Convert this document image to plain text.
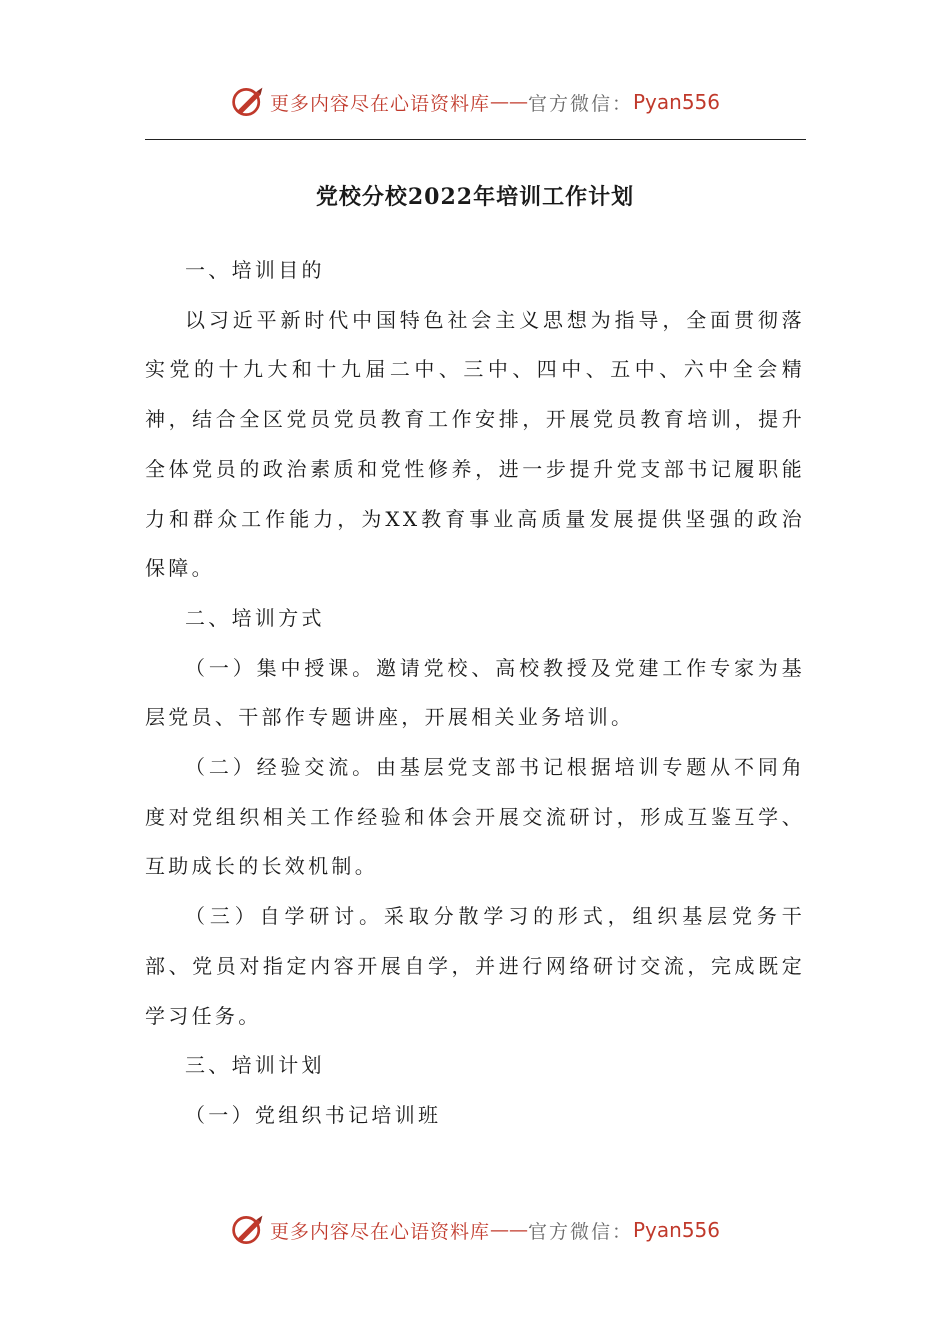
更多内容尽在心语资料库 —— 官方微信： Pyan556
党校分校2022年培训工作计划

一、培训目的

以习近平新时代中国特色社会主义思想为指导，全面贯彻落实党的十九大和十九届二中、三中、四中、五中、六中全会精神，结合全区党员党员教育工作安排，开展党员教育培训，提升全体党员的政治素质和党性修养，进一步提升党支部书记履职能力和群众工作能力，为XX教育事业高质量发展提供坚强的政治保障。

二、培训方式

（一）集中授课。邀请党校、高校教授及党建工作专家为基层党员、干部作专题讲座，开展相关业务培训。

（二）经验交流。由基层党支部书记根据培训专题从不同角度对党组织相关工作经验和体会开展交流研讨，形成互鉴互学、互助成长的长效机制。

（三）自学研讨。采取分散学习的形式，组织基层党务干部、党员对指定内容开展自学，并进行网络研讨交流，完成既定学习任务。

三、培训计划

（一）党组织书记培训班

更多内容尽在心语资料库 —— 官方微信： Pyan556
